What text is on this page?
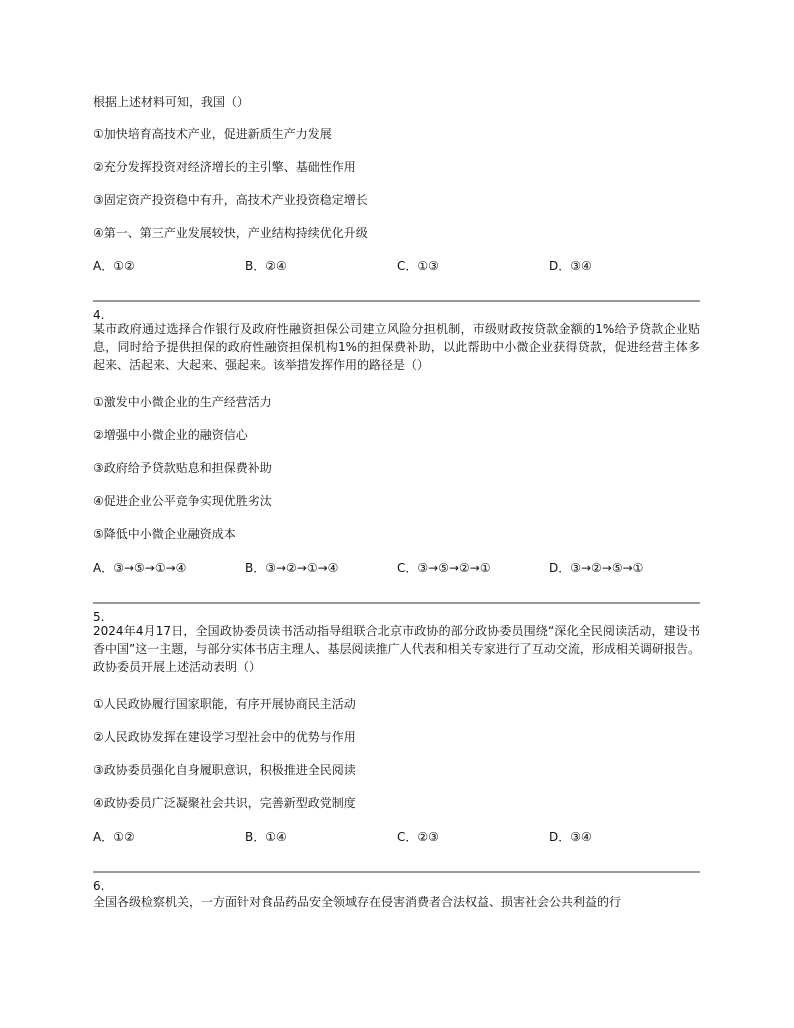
根据上述材料可知，我国（）
①加快培育高技术产业，促进新质生产力发展
②充分发挥投资对经济增长的主引擎、基础性作用
③固定资产投资稳中有升，高技术产业投资稳定增长
④第一、第三产业发展较快，产业结构持续优化升级
A．①②	B．②④	C．①③	D．③④
4.
某市政府通过选择合作银行及政府性融资担保公司建立风险分担机制，市级财政按贷款金额的1%给予贷款企业贴息，同时给予提供担保的政府性融资担保机构1%的担保费补助，以此帮助中小微企业获得贷款，促进经营主体多起来、活起来、大起来、强起来。该举措发挥作用的路径是（）
①激发中小微企业的生产经营活力
②增强中小微企业的融资信心
③政府给予贷款贴息和担保费补助
④促进企业公平竞争实现优胜劣汰
⑤降低中小微企业融资成本
A．③→⑤→①→④	B．③→②→①→④	C．③→⑤→②→①	D．③→②→⑤→①
5.
2024年4月17日，全国政协委员读书活动指导组联合北京市政协的部分政协委员围绕“深化全民阅读活动，建设书香中国”这一主题，与部分实体书店主理人、基层阅读推广人代表和相关专家进行了互动交流，形成相关调研报告。政协委员开展上述活动表明（）
①人民政协履行国家职能，有序开展协商民主活动
②人民政协发挥在建设学习型社会中的优势与作用
③政协委员强化自身履职意识，积极推进全民阅读
④政协委员广泛凝聚社会共识，完善新型政党制度
A．①②	B．①④	C．②③	D．③④
6.
全国各级检察机关，一方面针对食品药品安全领域存在侵害消费者合法权益、损害社会公共利益的行
